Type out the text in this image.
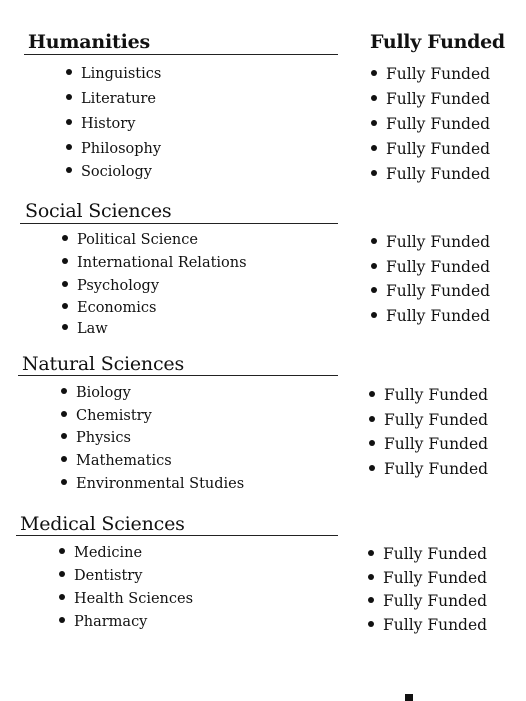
Humanities	Fully Funded
Linguistics
Literature
History
Philosophy
Sociology
Fully Funded
Fully Funded
Fully Funded
Fully Funded
Fully Funded
Social Sciences
Political Science
International Relations
Psychology
Economics
Law
Fully Funded
Fully Funded
Fully Funded
Fully Funded
Natural Sciences
Biology
Chemistry
Physics
Mathematics
Environmental Studies
Fully Funded
Fully Funded
Fully Funded
Fully Funded
Medical Sciences
Medicine
Dentistry
Health Sciences
Pharmacy
Fully Funded
Fully Funded
Fully Funded
Fully Funded
